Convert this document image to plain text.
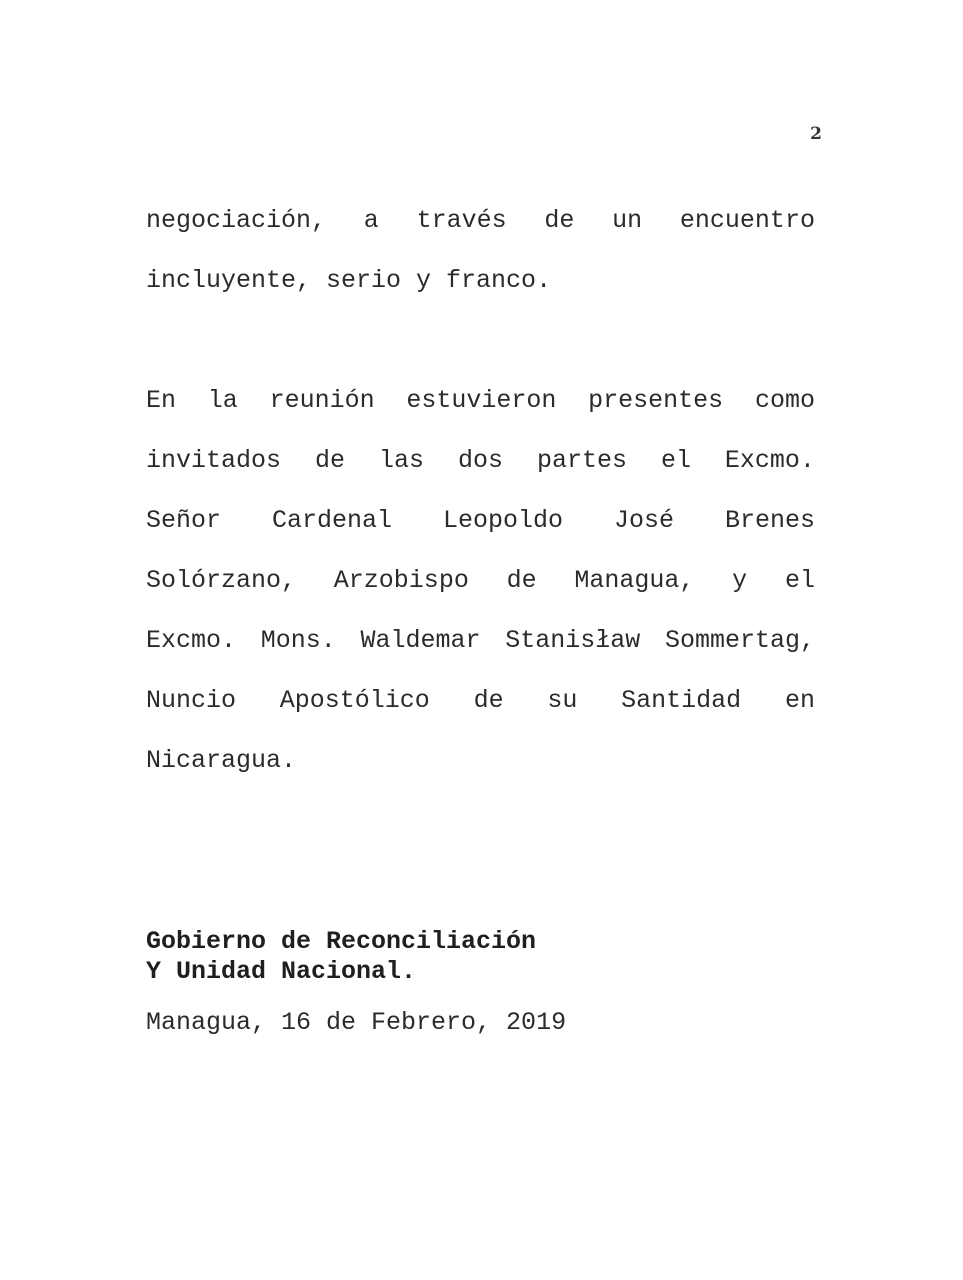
2
negociación, a través de un encuentro
incluyente, serio y franco.
En la reunión estuvieron presentes como
invitados de las dos partes el Excmo.
Señor Cardenal Leopoldo José Brenes
Solórzano, Arzobispo de Managua, y el
Excmo. Mons. Waldemar Stanisław Sommertag,
Nuncio Apostólico de su Santidad en
Nicaragua.
Gobierno de Reconciliación
Y Unidad Nacional.
Managua, 16 de Febrero, 2019
